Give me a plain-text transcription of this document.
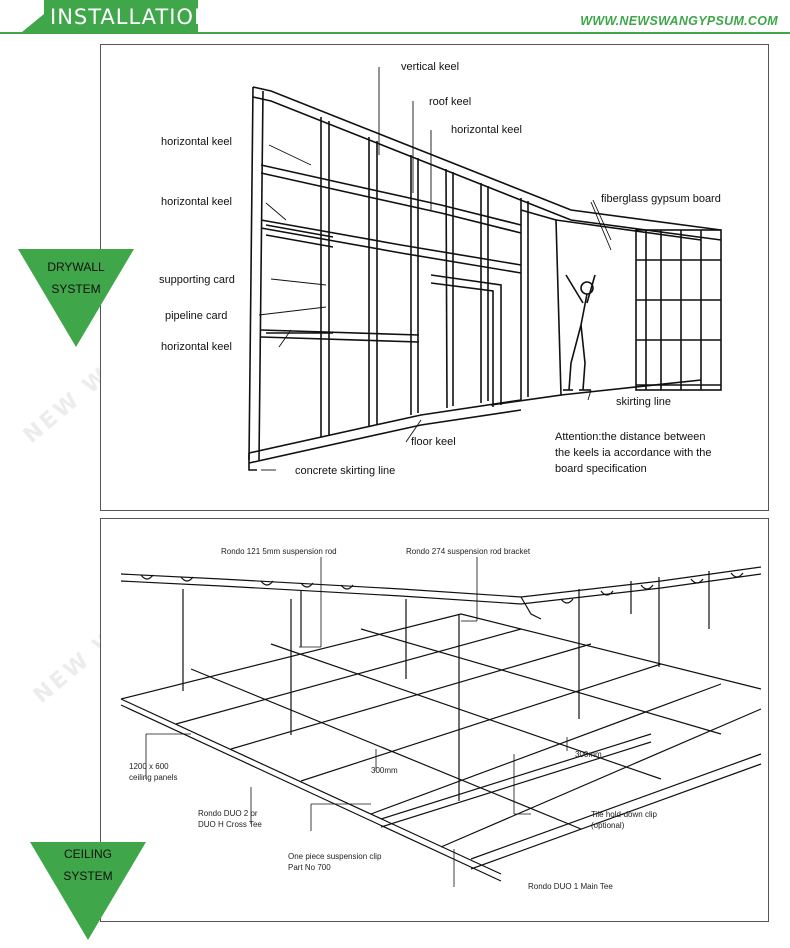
INSTALLATION	WWW.NEWSWANGYPSUM.COM
NEW
NEW
vertical keel
roof keel
horizontal keel
horizontal keel
horizontal keel	fiberglass gypsum board
supporting card
pipeline card
horizontal keel
skirting line
floor keel
concrete skirting line
Attention:the distance between
the keels ia accordance with the
board specification
Rondo 121 5mm suspension rod	Rondo 274 suspension rod bracket
1200 x 600
ceiling panels
Rondo DUO 2 or
DUO H Cross Tee
One piece suspension clip
Part No 700
Tile hold-down clip
(optional)
Rondo DUO 1 Main Tee
300mm
300mm
DRYWALL
SYSTEM
CEILING
SYSTEM
